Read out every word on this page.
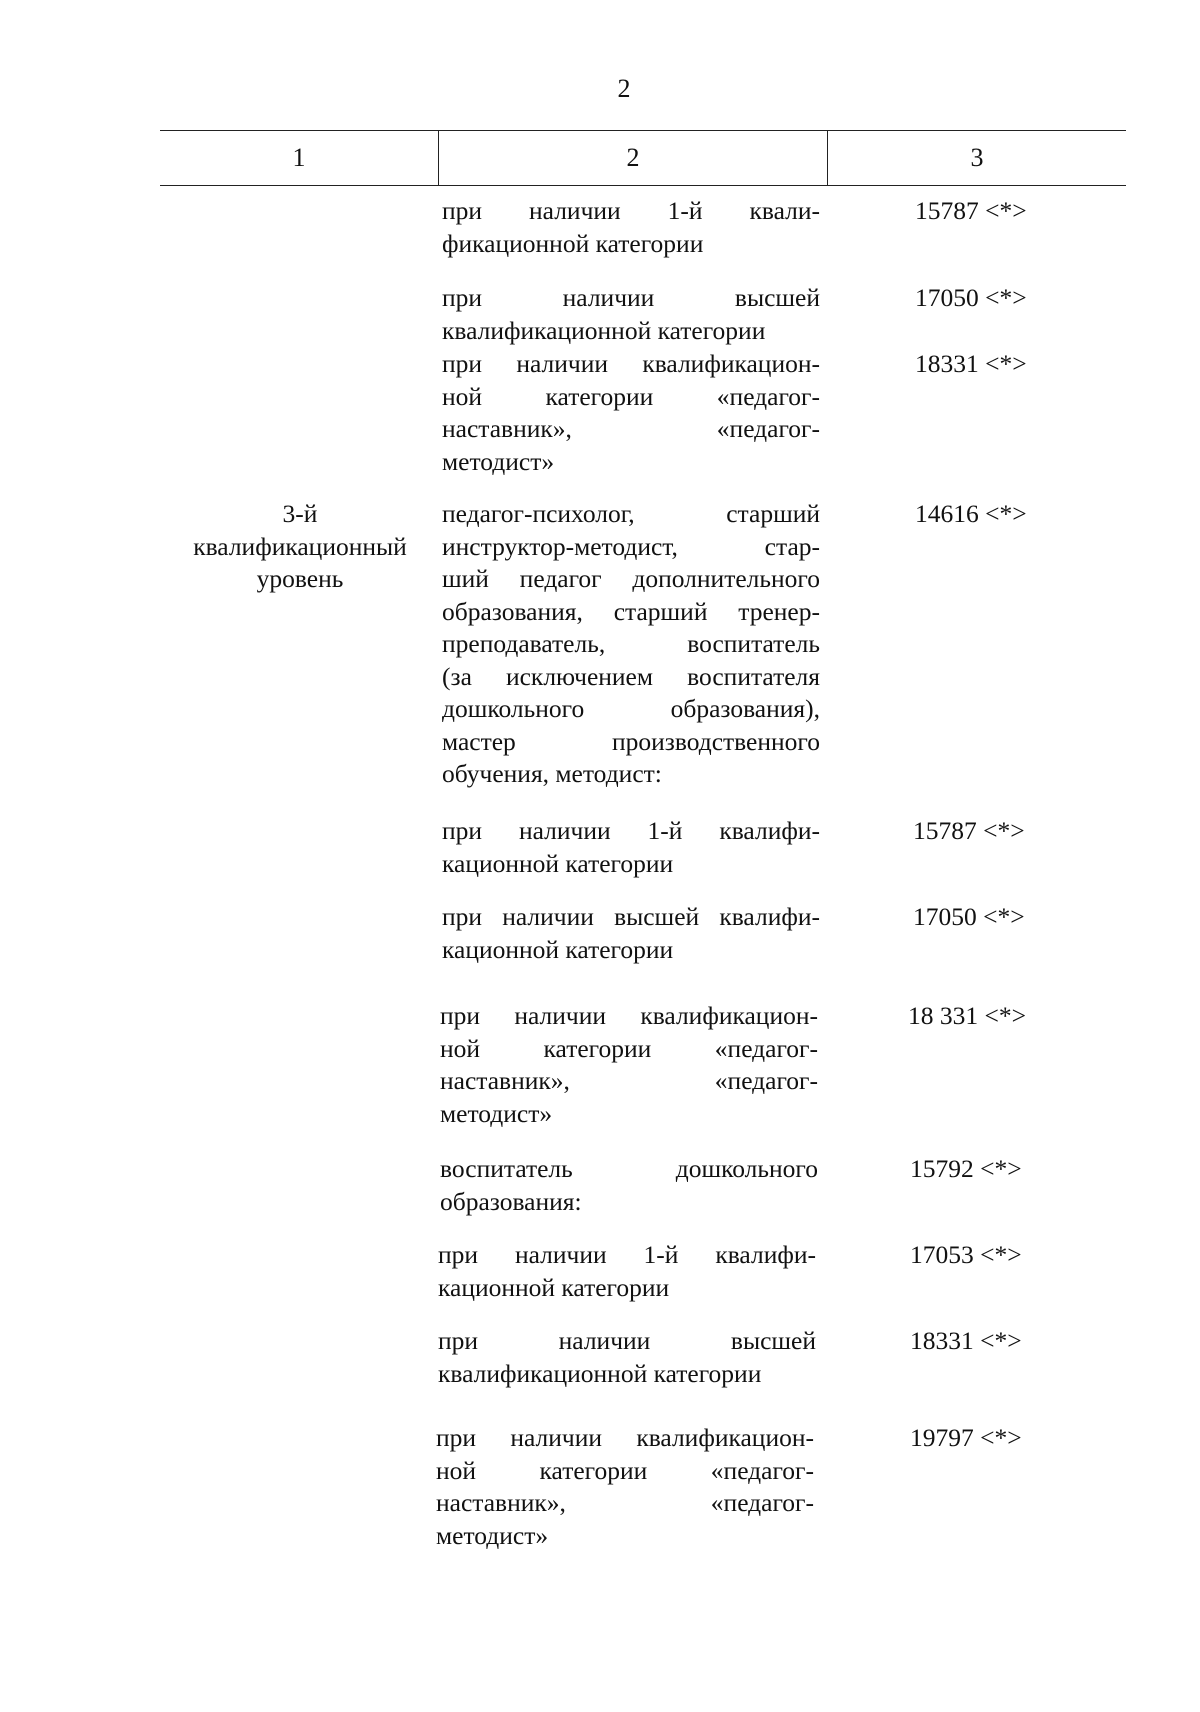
2
1	2	3
3-й
квалификационный
уровень
при наличии 1-й квали-
фикационной категории
15787 <*>
при наличии высшей
квалификационной категории
17050 <*>
при наличии квалификацион-
ной категории «педагог-
наставник», «педагог-
методист»
18331 <*>
педагог-психолог, старший
инструктор-методист, стар-
ший педагог дополнительного
образования, старший тренер-
преподаватель, воспитатель
(за исключением воспитателя
дошкольного образования),
мастер производственного
обучения, методист:
14616 <*>
при наличии 1-й квалифи-
кационной категории
15787 <*>
при наличии высшей квалифи-
кационной категории
17050 <*>
при наличии квалификацион-
ной категории «педагог-
наставник», «педагог-
методист»
18 331 <*>
воспитатель дошкольного
образования:
15792 <*>
при наличии 1-й квалифи-
кационной категории
17053 <*>
при наличии высшей
квалификационной категории
18331 <*>
при наличии квалификацион-
ной категории «педагог-
наставник», «педагог-
методист»
19797 <*>
